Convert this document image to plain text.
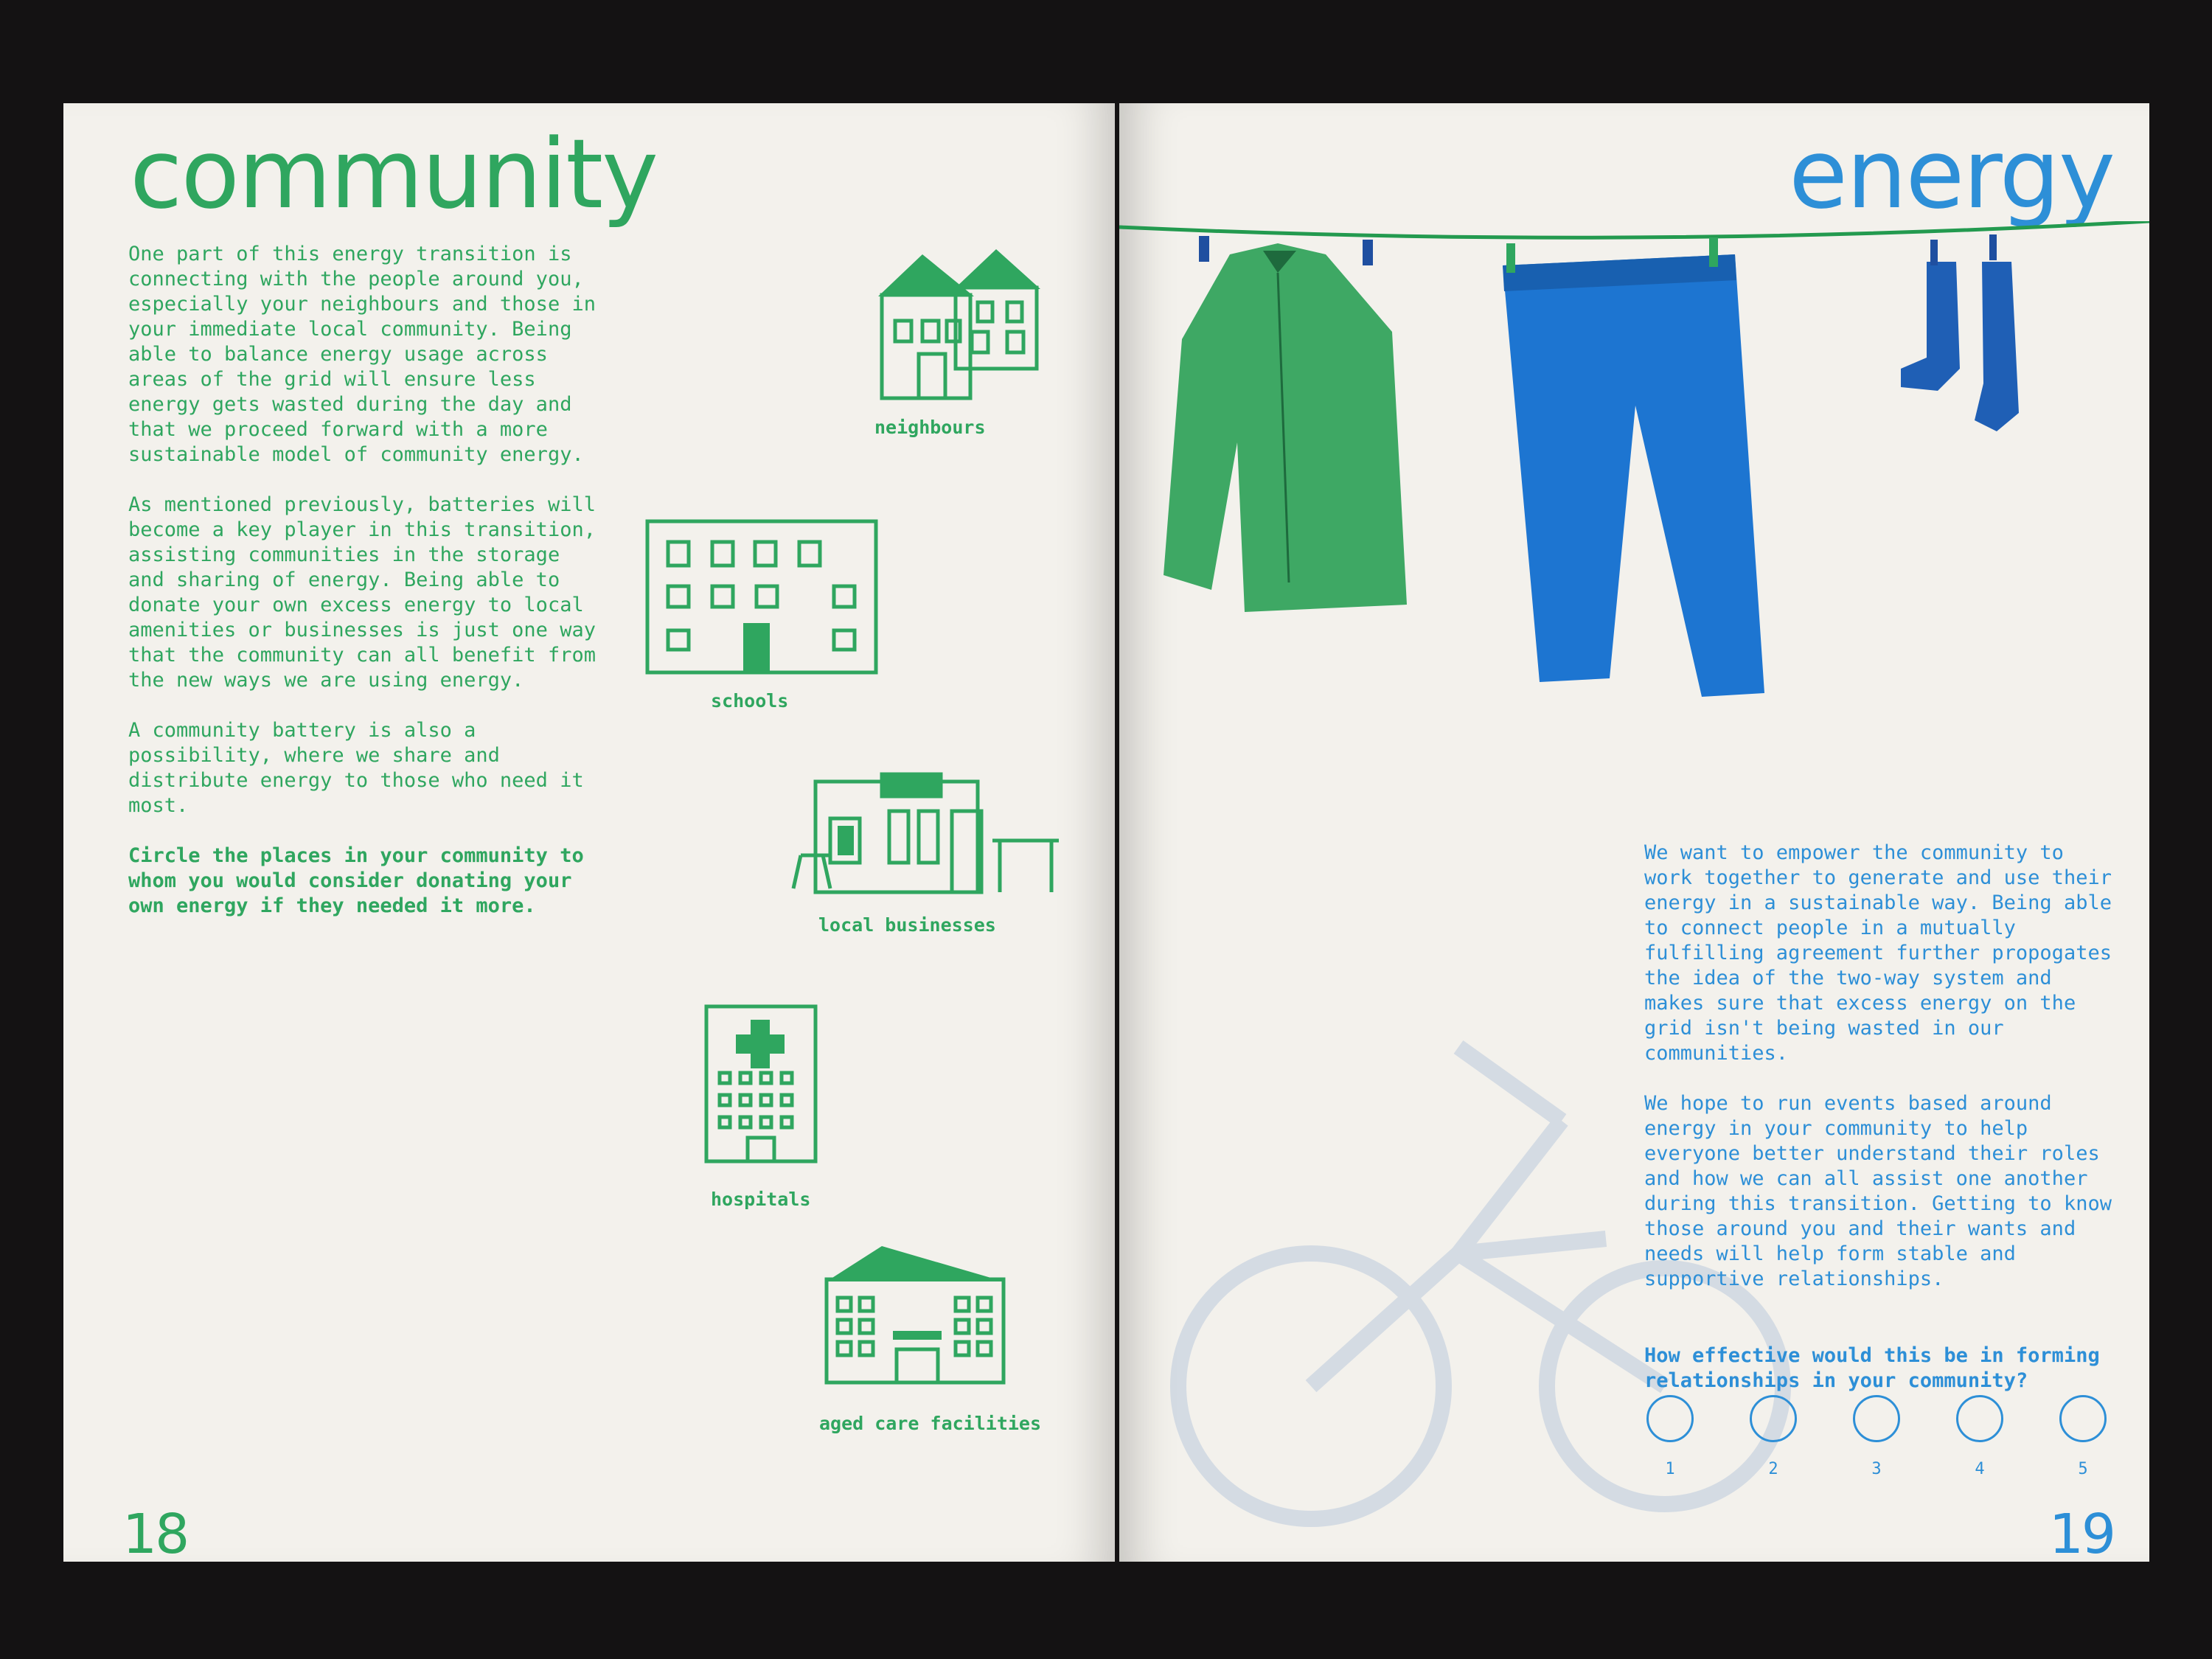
community

One part of this energy transition is connecting with the people around you, especially your neighbours and those in your immediate local community. Being able to balance energy usage across areas of the grid will ensure less energy gets wasted during the day and that we proceed forward with a more sustainable model of community energy.

As mentioned previously, batteries will become a key player in this transition, assisting communities in the storage and sharing of energy. Being able to donate your own excess energy to local amenities or businesses is just one way that the community can all benefit from the new ways we are using energy.

A community battery is also a possibility, where we share and distribute energy to those who need it most.

Circle the places in your community to whom you would consider donating your own energy if they needed it more.

neighbours
schools
local businesses
hospitals
aged care facilities
18
energy

We want to empower the community to work together to generate and use their energy in a sustainable way. Being able to connect people in a mutually fulfilling agreement further propogates the idea of the two-way system and makes sure that excess energy on the grid isn't being wasted in our communities.

We hope to run events based around energy in your community to help everyone better understand their roles and how we can all assist one another during this transition. Getting to know those around you and their wants and needs will help form stable and supportive relationships.

How effective would this be in forming relationships in your community?

1	2	3	4	5
19
